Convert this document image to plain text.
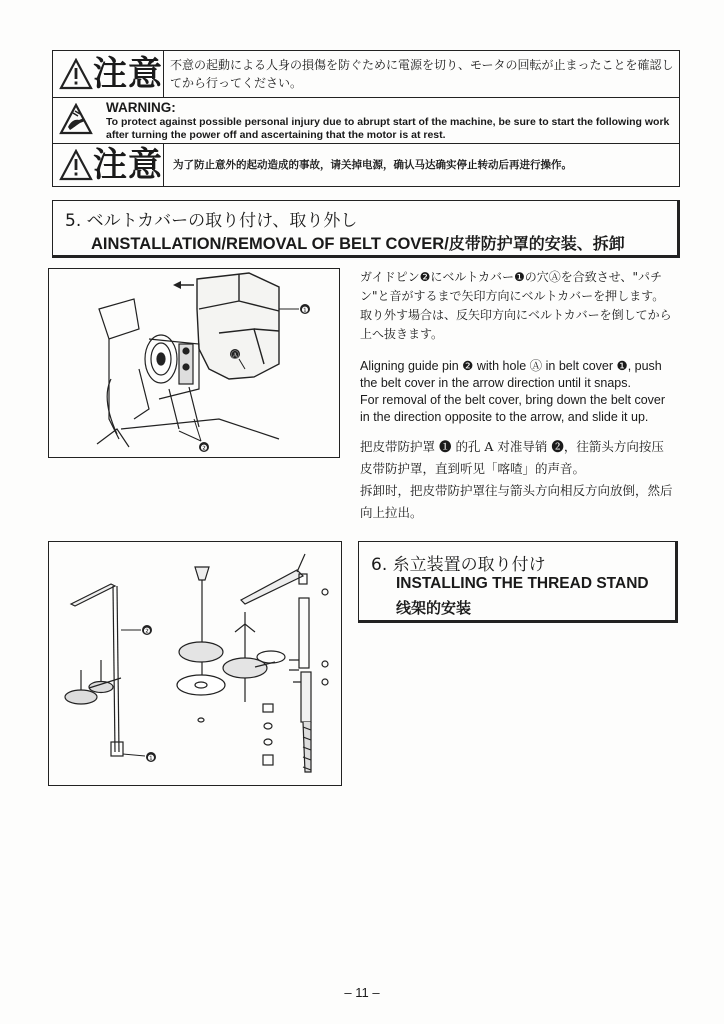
注意 不意の起動による人身の損傷を防ぐために電源を切り、モータの回転が止まったことを確認してから行ってください。
WARNING:
To protect against possible personal injury due to abrupt start of the machine, be sure to start the following work after turning the power off and ascertaining that the motor is at rest.
注意 为了防止意外的起动造成的事故，请关掉电源，确认马达确实停止转动后再进行操作。
5. ベルトカバーの取り付け、取り外し
AINSTALLATION/REMOVAL OF BELT COVER/皮带防护罩的安装、拆卸
❶
Ⓐ
❷
ガイドピン❷にベルトカバー❶の穴Ⓐを合致させ、"パチン"と音がするまで矢印方向にベルトカバーを押します。取り外す場合は、反矢印方向にベルトカバーを倒してから上へ抜きます。
Aligning guide pin ❷ with hole Ⓐ in belt cover ❶, push the belt cover in the arrow direction until it snaps.
For removal of the belt cover, bring down the belt cover in the direction opposite to the arrow, and slide it up.
把皮带防护罩 ❶ 的孔 A 对准导销 ❷，往箭头方向按压皮带防护罩，直到听见「喀喳」的声音。
拆卸时，把皮带防护罩往与箭头方向相反方向放倒，然后向上拉出。
❷
❶
6. 糸立装置の取り付け
INSTALLING THE THREAD STAND
线架的安装
– 11 –
